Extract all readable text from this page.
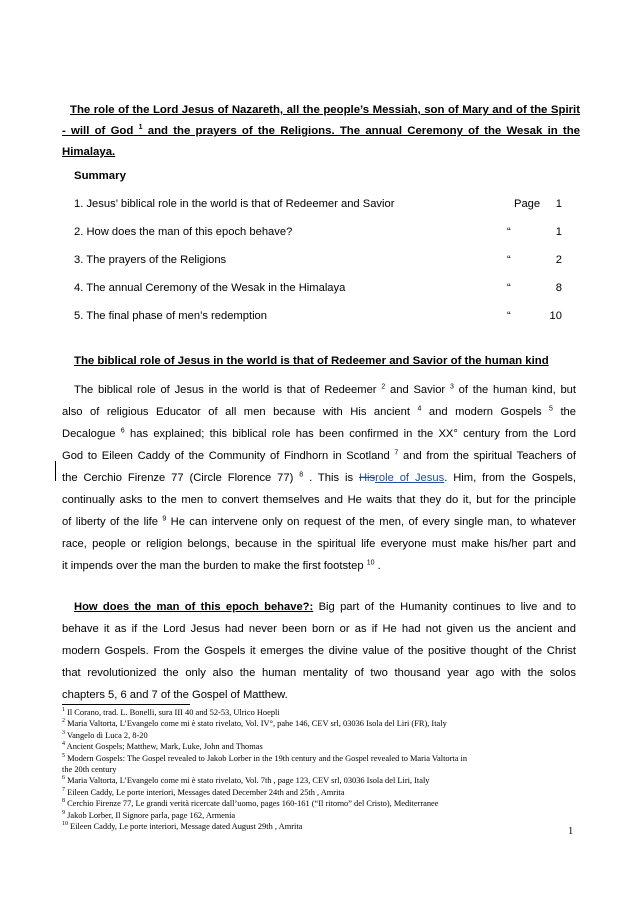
The role of the Lord Jesus of Nazareth, all the people’s Messiah, son of Mary and of the Spirit - will of God $^1$ and the prayers of the Religions. The annual Ceremony of the Wesak in the Himalaya.
Summary
1. Jesus’ biblical role in the world is that of Redeemer and Savior	Page 1
2. How does the man of this epoch behave?	“	1
3. The prayers of the Religions	“	2
4. The annual Ceremony of the Wesak in the Himalaya	“	8
5. The final phase of men’s redemption	“	10
The biblical role of Jesus in the world is that of Redeemer and Savior of the human kind
The biblical role of Jesus in the world is that of Redeemer $^2$ and Savior $^3$ of the human kind, but
also of religious Educator of all men because with His ancient $^4$ and modern Gospels $^5$ the
Decalogue $^6$ has explained; this biblical role has been confirmed in the XX° century from the Lord
God to Eileen Caddy of the Community of Findhorn in Scotland $^7$ and from the spiritual Teachers of
the Cerchio Firenze 77 (Circle Florence 77) $^8$ . This is Hisrole of Jesus. Him, from the Gospels,
continually asks to the men to convert themselves and He waits that they do it, but for the principle
of liberty of the life $^9$ He can intervene only on request of the men, of every single man, to whatever
race, people or religion belongs, because in the spiritual life everyone must make his/her part and
it impends over the man the burden to make the first footstep $^{10}$ .
How does the man of this epoch behave?: Big part of the Humanity continues to live and to
behave it as if the Lord Jesus had never been born or as if He had not given us the ancient and
modern Gospels. From the Gospels it emerges the divine value of the positive thought of the Christ
that revolutionized the only also the human mentality of two thousand year ago with the solos
chapters 5, 6 and 7 of the Gospel of Matthew.
$^1$ Il Corano, trad. L. Bonelli, sura III 40 and 52-53, Ulrico Hoepli
$^2$ Maria Valtorta, L’Evangelo come mi è stato rivelato, Vol. IV°, pahe 146, CEV srl, 03036 Isola del Liri (FR), Italy
$^3$ Vangelo di Luca 2, 8-20
$^4$ Ancient Gospels; Matthew, Mark, Luke, John and Thomas
$^5$ Modern Gospels: The Gospel revealed to Jakob Lorber in the 19th century and the Gospel revealed to Maria Valtorta in
the 20th century
$^6$ Maria Valtorta, L’Evangelo come mi è stato rivelato, Vol. 7th , page 123, CEV srl, 03036 Isola del Liri, Italy
$^7$ Eileen Caddy, Le porte interiori, Messages dated December 24th and 25th , Amrita
$^8$ Cerchio Firenze 77, Le grandi verità ricercate dall’uomo, pages 160-161 (“Il ritorno” del Cristo), Mediterranee
$^9$ Jakob Lorber, Il Signore parla, page 162, Armenia
$^{10}$ Eileen Caddy, Le porte interiori, Message dated August 29th , Amrita	1
